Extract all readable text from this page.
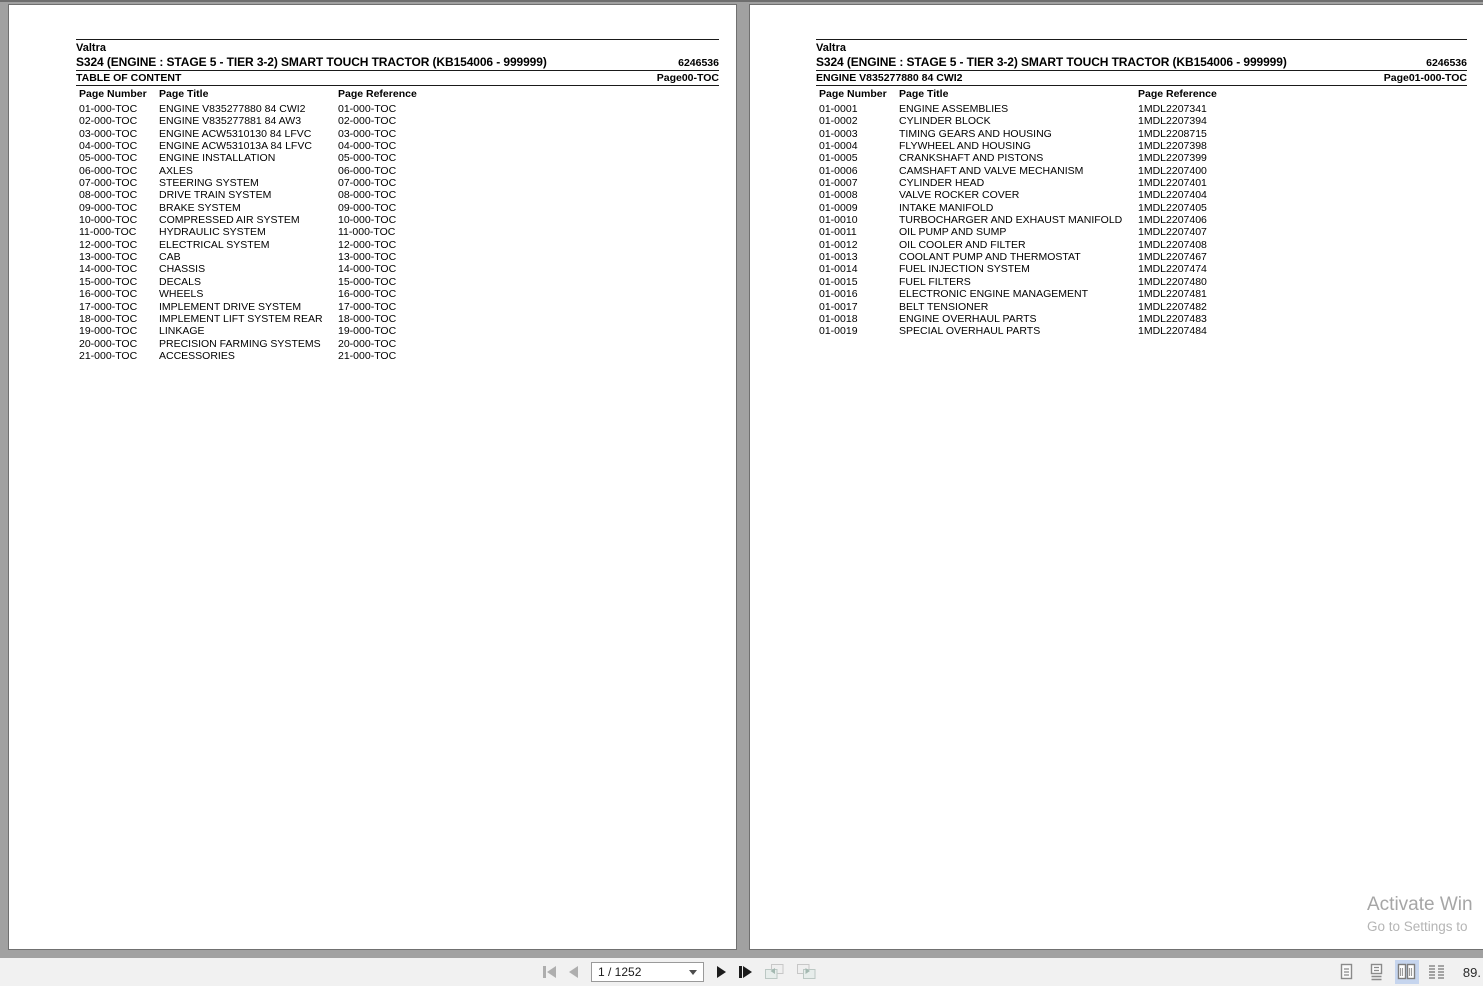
Valtra
S324 (ENGINE : STAGE 5 - TIER 3-2) SMART TOUCH TRACTOR (KB154006 - 999999)	6246536
TABLE OF CONTENT	Page00-TOC
Page Number	Page Title	Page Reference
01-000-TOC	ENGINE V835277880 84 CWI2	01-000-TOC
02-000-TOC	ENGINE V835277881 84 AW3	02-000-TOC
03-000-TOC	ENGINE ACW5310130 84 LFVC	03-000-TOC
04-000-TOC	ENGINE ACW531013A 84 LFVC	04-000-TOC
05-000-TOC	ENGINE INSTALLATION	05-000-TOC
06-000-TOC	AXLES	06-000-TOC
07-000-TOC	STEERING SYSTEM	07-000-TOC
08-000-TOC	DRIVE TRAIN SYSTEM	08-000-TOC
09-000-TOC	BRAKE SYSTEM	09-000-TOC
10-000-TOC	COMPRESSED AIR SYSTEM	10-000-TOC
11-000-TOC	HYDRAULIC SYSTEM	11-000-TOC
12-000-TOC	ELECTRICAL SYSTEM	12-000-TOC
13-000-TOC	CAB	13-000-TOC
14-000-TOC	CHASSIS	14-000-TOC
15-000-TOC	DECALS	15-000-TOC
16-000-TOC	WHEELS	16-000-TOC
17-000-TOC	IMPLEMENT DRIVE SYSTEM	17-000-TOC
18-000-TOC	IMPLEMENT LIFT SYSTEM REAR	18-000-TOC
19-000-TOC	LINKAGE	19-000-TOC
20-000-TOC	PRECISION FARMING SYSTEMS	20-000-TOC
21-000-TOC	ACCESSORIES	21-000-TOC
Valtra
S324 (ENGINE : STAGE 5 - TIER 3-2) SMART TOUCH TRACTOR (KB154006 - 999999)	6246536
ENGINE V835277880 84 CWI2	Page01-000-TOC
Page Number	Page Title	Page Reference
01-0001	ENGINE ASSEMBLIES	1MDL2207341
01-0002	CYLINDER BLOCK	1MDL2207394
01-0003	TIMING GEARS AND HOUSING	1MDL2208715
01-0004	FLYWHEEL AND HOUSING	1MDL2207398
01-0005	CRANKSHAFT AND PISTONS	1MDL2207399
01-0006	CAMSHAFT AND VALVE MECHANISM	1MDL2207400
01-0007	CYLINDER HEAD	1MDL2207401
01-0008	VALVE ROCKER COVER	1MDL2207404
01-0009	INTAKE MANIFOLD	1MDL2207405
01-0010	TURBOCHARGER AND EXHAUST MANIFOLD	1MDL2207406
01-0011	OIL PUMP AND SUMP	1MDL2207407
01-0012	OIL COOLER AND FILTER	1MDL2207408
01-0013	COOLANT PUMP AND THERMOSTAT	1MDL2207467
01-0014	FUEL INJECTION SYSTEM	1MDL2207474
01-0015	FUEL FILTERS	1MDL2207480
01-0016	ELECTRONIC ENGINE MANAGEMENT	1MDL2207481
01-0017	BELT TENSIONER	1MDL2207482
01-0018	ENGINE OVERHAUL PARTS	1MDL2207483
01-0019	SPECIAL OVERHAUL PARTS	1MDL2207484
Activate Win
Go to Settings to
1 / 1252
89.
